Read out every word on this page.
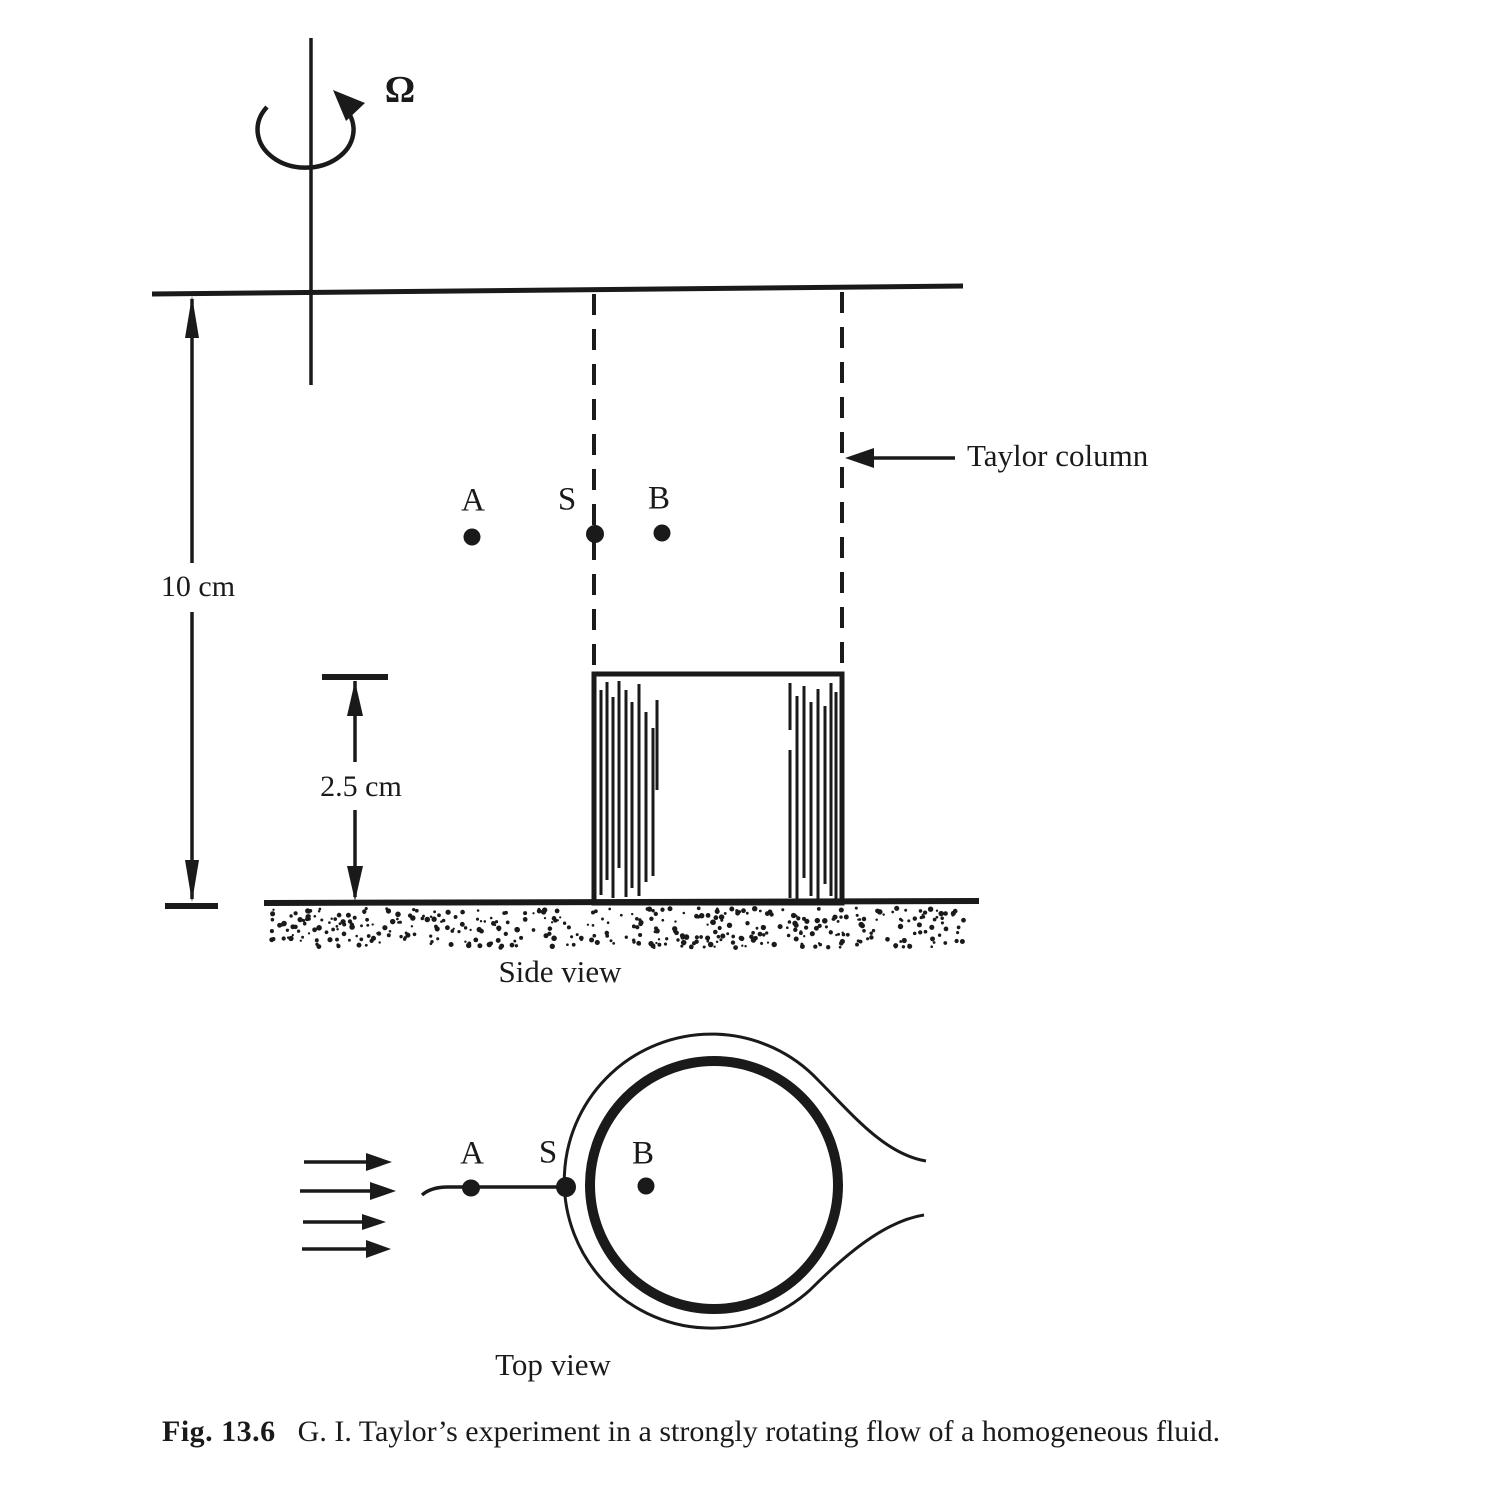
Ω
Taylor column
10 cm
2.5 cm
A S B
Side view
A S B
Top view
Fig. 13.6 G. I. Taylor’s experiment in a strongly rotating flow of a homogeneous fluid.
